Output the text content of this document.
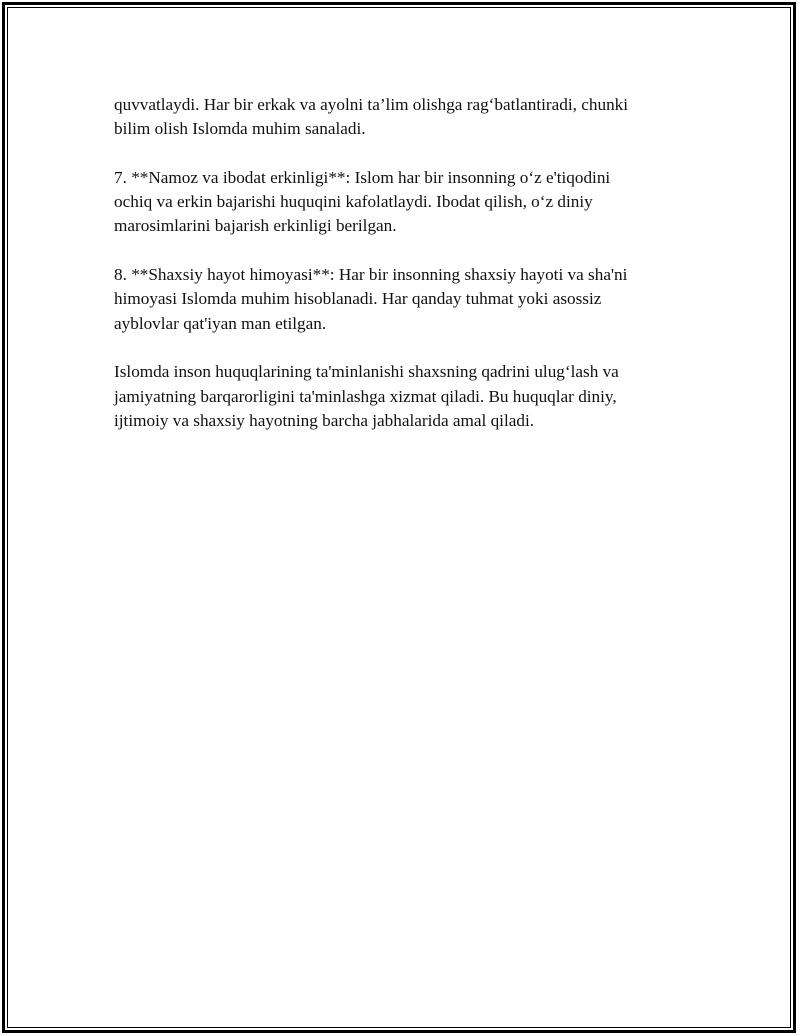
quvvatlaydi. Har bir erkak va ayolni ta’lim olishga rag‘batlantiradi, chunki
bilim olish Islomda muhim sanaladi.

7. **Namoz va ibodat erkinligi**: Islom har bir insonning o‘z e'tiqodini
ochiq va erkin bajarishi huquqini kafolatlaydi. Ibodat qilish, o‘z diniy
marosimlarini bajarish erkinligi berilgan.

8. **Shaxsiy hayot himoyasi**: Har bir insonning shaxsiy hayoti va sha'ni
himoyasi Islomda muhim hisoblanadi. Har qanday tuhmat yoki asossiz
ayblovlar qat'iyan man etilgan.

Islomda inson huquqlarining ta'minlanishi shaxsning qadrini ulug‘lash va
jamiyatning barqarorligini ta'minlashga xizmat qiladi. Bu huquqlar diniy,
ijtimoiy va shaxsiy hayotning barcha jabhalarida amal qiladi.
